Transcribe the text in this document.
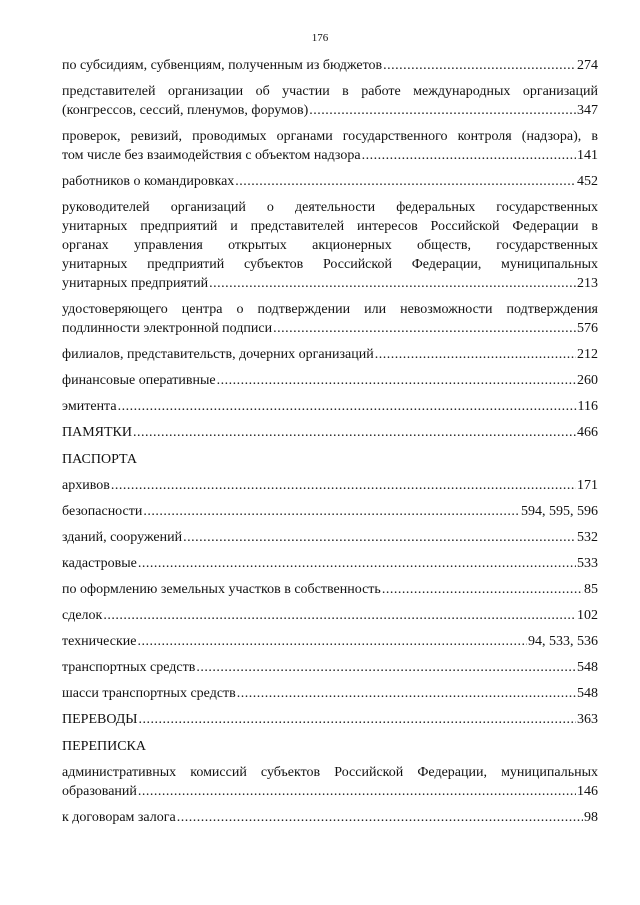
176
по субсидиям, субвенциям, полученным из бюджетов .....	274
представителей организации об участии в работе международных организаций
(конгрессов, сессий, пленумов, форумов) .....	347
проверок, ревизий, проводимых органами государственного контроля (надзора), в
том числе без взаимодействия с объектом надзора .....	141
работников о командировках .....	452
руководителей организаций о деятельности федеральных государственных
унитарных предприятий и представителей интересов Российской Федерации в
органах управления открытых акционерных обществ, государственных
унитарных предприятий субъектов Российской Федерации, муниципальных
унитарных предприятий .....	213
удостоверяющего центра о подтверждении или невозможности подтверждения
подлинности электронной подписи .....	576
филиалов, представительств, дочерних организаций .....	212
финансовые оперативные .....	260
эмитента .....	116
ПАМЯТКИ .....	466
ПАСПОРТА
архивов .....	171
безопасности .....	594, 595, 596
зданий, сооружений .....	532
кадастровые .....	533
по оформлению земельных участков в собственность .....	85
сделок .....	102
технические .....	94, 533, 536
транспортных средств .....	548
шасси транспортных средств .....	548
ПЕРЕВОДЫ .....	363
ПЕРЕПИСКА
административных комиссий субъектов Российской Федерации, муниципальных
образований .....	146
к договорам залога .....	98
